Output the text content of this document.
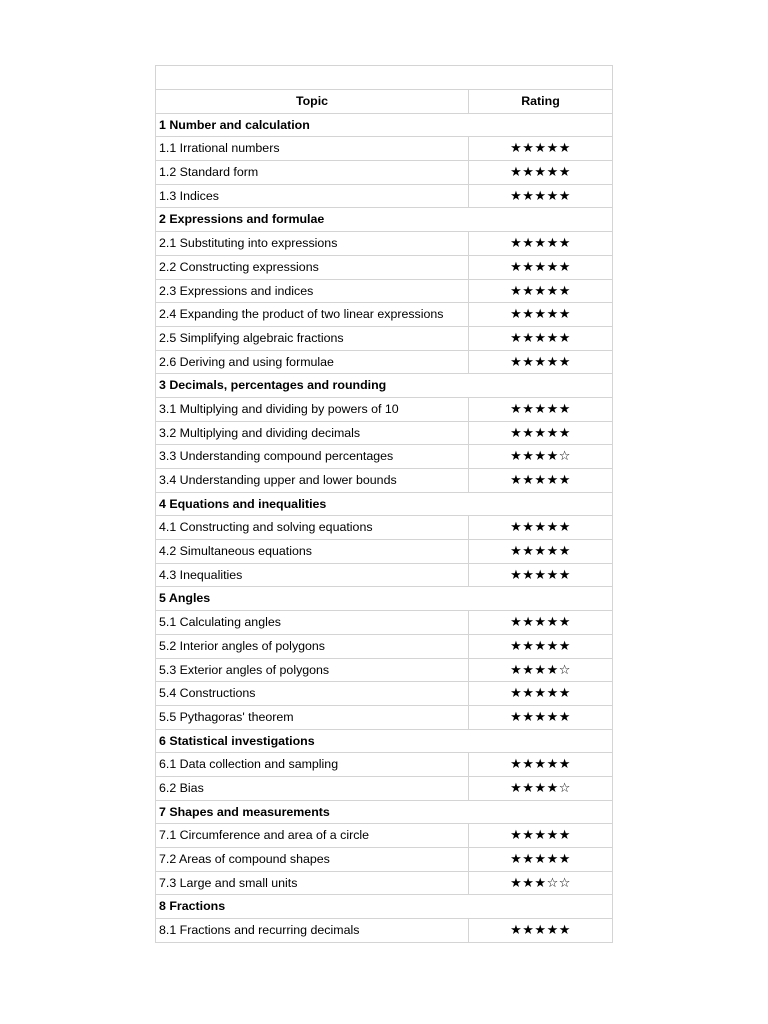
Topic	Rating
1 Number and calculation
1.1 Irrational numbers	★★★★★
1.2 Standard form	★★★★★
1.3 Indices	★★★★★
2 Expressions and formulae
2.1 Substituting into expressions	★★★★★
2.2 Constructing expressions	★★★★★
2.3 Expressions and indices	★★★★★
2.4 Expanding the product of two linear expressions	★★★★★
2.5 Simplifying algebraic fractions	★★★★★
2.6 Deriving and using formulae	★★★★★
3 Decimals, percentages and rounding
3.1 Multiplying and dividing by powers of 10	★★★★★
3.2 Multiplying and dividing decimals	★★★★★
3.3 Understanding compound percentages	★★★★☆
3.4 Understanding upper and lower bounds	★★★★★
4 Equations and inequalities
4.1 Constructing and solving equations	★★★★★
4.2 Simultaneous equations	★★★★★
4.3 Inequalities	★★★★★
5 Angles
5.1 Calculating angles	★★★★★
5.2 Interior angles of polygons	★★★★★
5.3 Exterior angles of polygons	★★★★☆
5.4 Constructions	★★★★★
5.5 Pythagoras' theorem	★★★★★
6 Statistical investigations
6.1 Data collection and sampling	★★★★★
6.2 Bias	★★★★☆
7 Shapes and measurements
7.1 Circumference and area of a circle	★★★★★
7.2 Areas of compound shapes	★★★★★
7.3 Large and small units	★★★☆☆
8 Fractions
8.1 Fractions and recurring decimals	★★★★★
